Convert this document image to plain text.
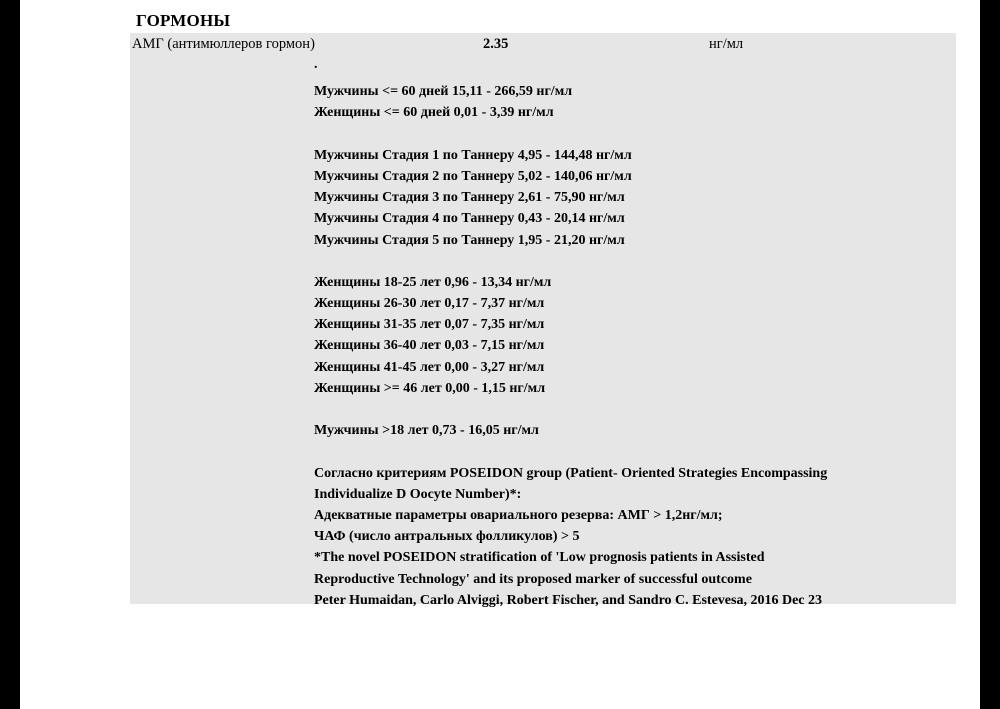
ГОРМОНЫ
АМГ (антимюллеров гормон)	2.35	нг/мл
.
Мужчины <= 60 дней 15,11 - 266,59 нг/мл
Женщины <= 60 дней 0,01 - 3,39 нг/мл
Мужчины Стадия 1 по Таннеру 4,95 - 144,48 нг/мл
Мужчины Стадия 2 по Таннеру 5,02 - 140,06 нг/мл
Мужчины Стадия 3 по Таннеру 2,61 - 75,90 нг/мл
Мужчины Стадия 4 по Таннеру 0,43 - 20,14 нг/мл
Мужчины Стадия 5 по Таннеру 1,95 - 21,20 нг/мл
Женщины 18-25 лет 0,96 - 13,34 нг/мл
Женщины 26-30 лет 0,17 - 7,37 нг/мл
Женщины 31-35 лет 0,07 - 7,35 нг/мл
Женщины 36-40 лет 0,03 - 7,15 нг/мл
Женщины 41-45 лет 0,00 - 3,27 нг/мл
Женщины >= 46 лет 0,00 - 1,15 нг/мл
Мужчины >18 лет 0,73 - 16,05 нг/мл
Согласно критериям POSEIDON group (Patient- Oriented Strategies Encompassing
Individualize D Oocyte Number)*:
Адекватные параметры овариального резерва: АМГ > 1,2нг/мл;
ЧАФ (число антральных фолликулов) > 5
*The novel POSEIDON stratification of 'Low prognosis patients in Assisted
Reproductive Technology' and its proposed marker of successful outcome
Peter Humaidan, Carlo Alviggi, Robert Fischer, and Sandro C. Estevesa, 2016 Dec 23
